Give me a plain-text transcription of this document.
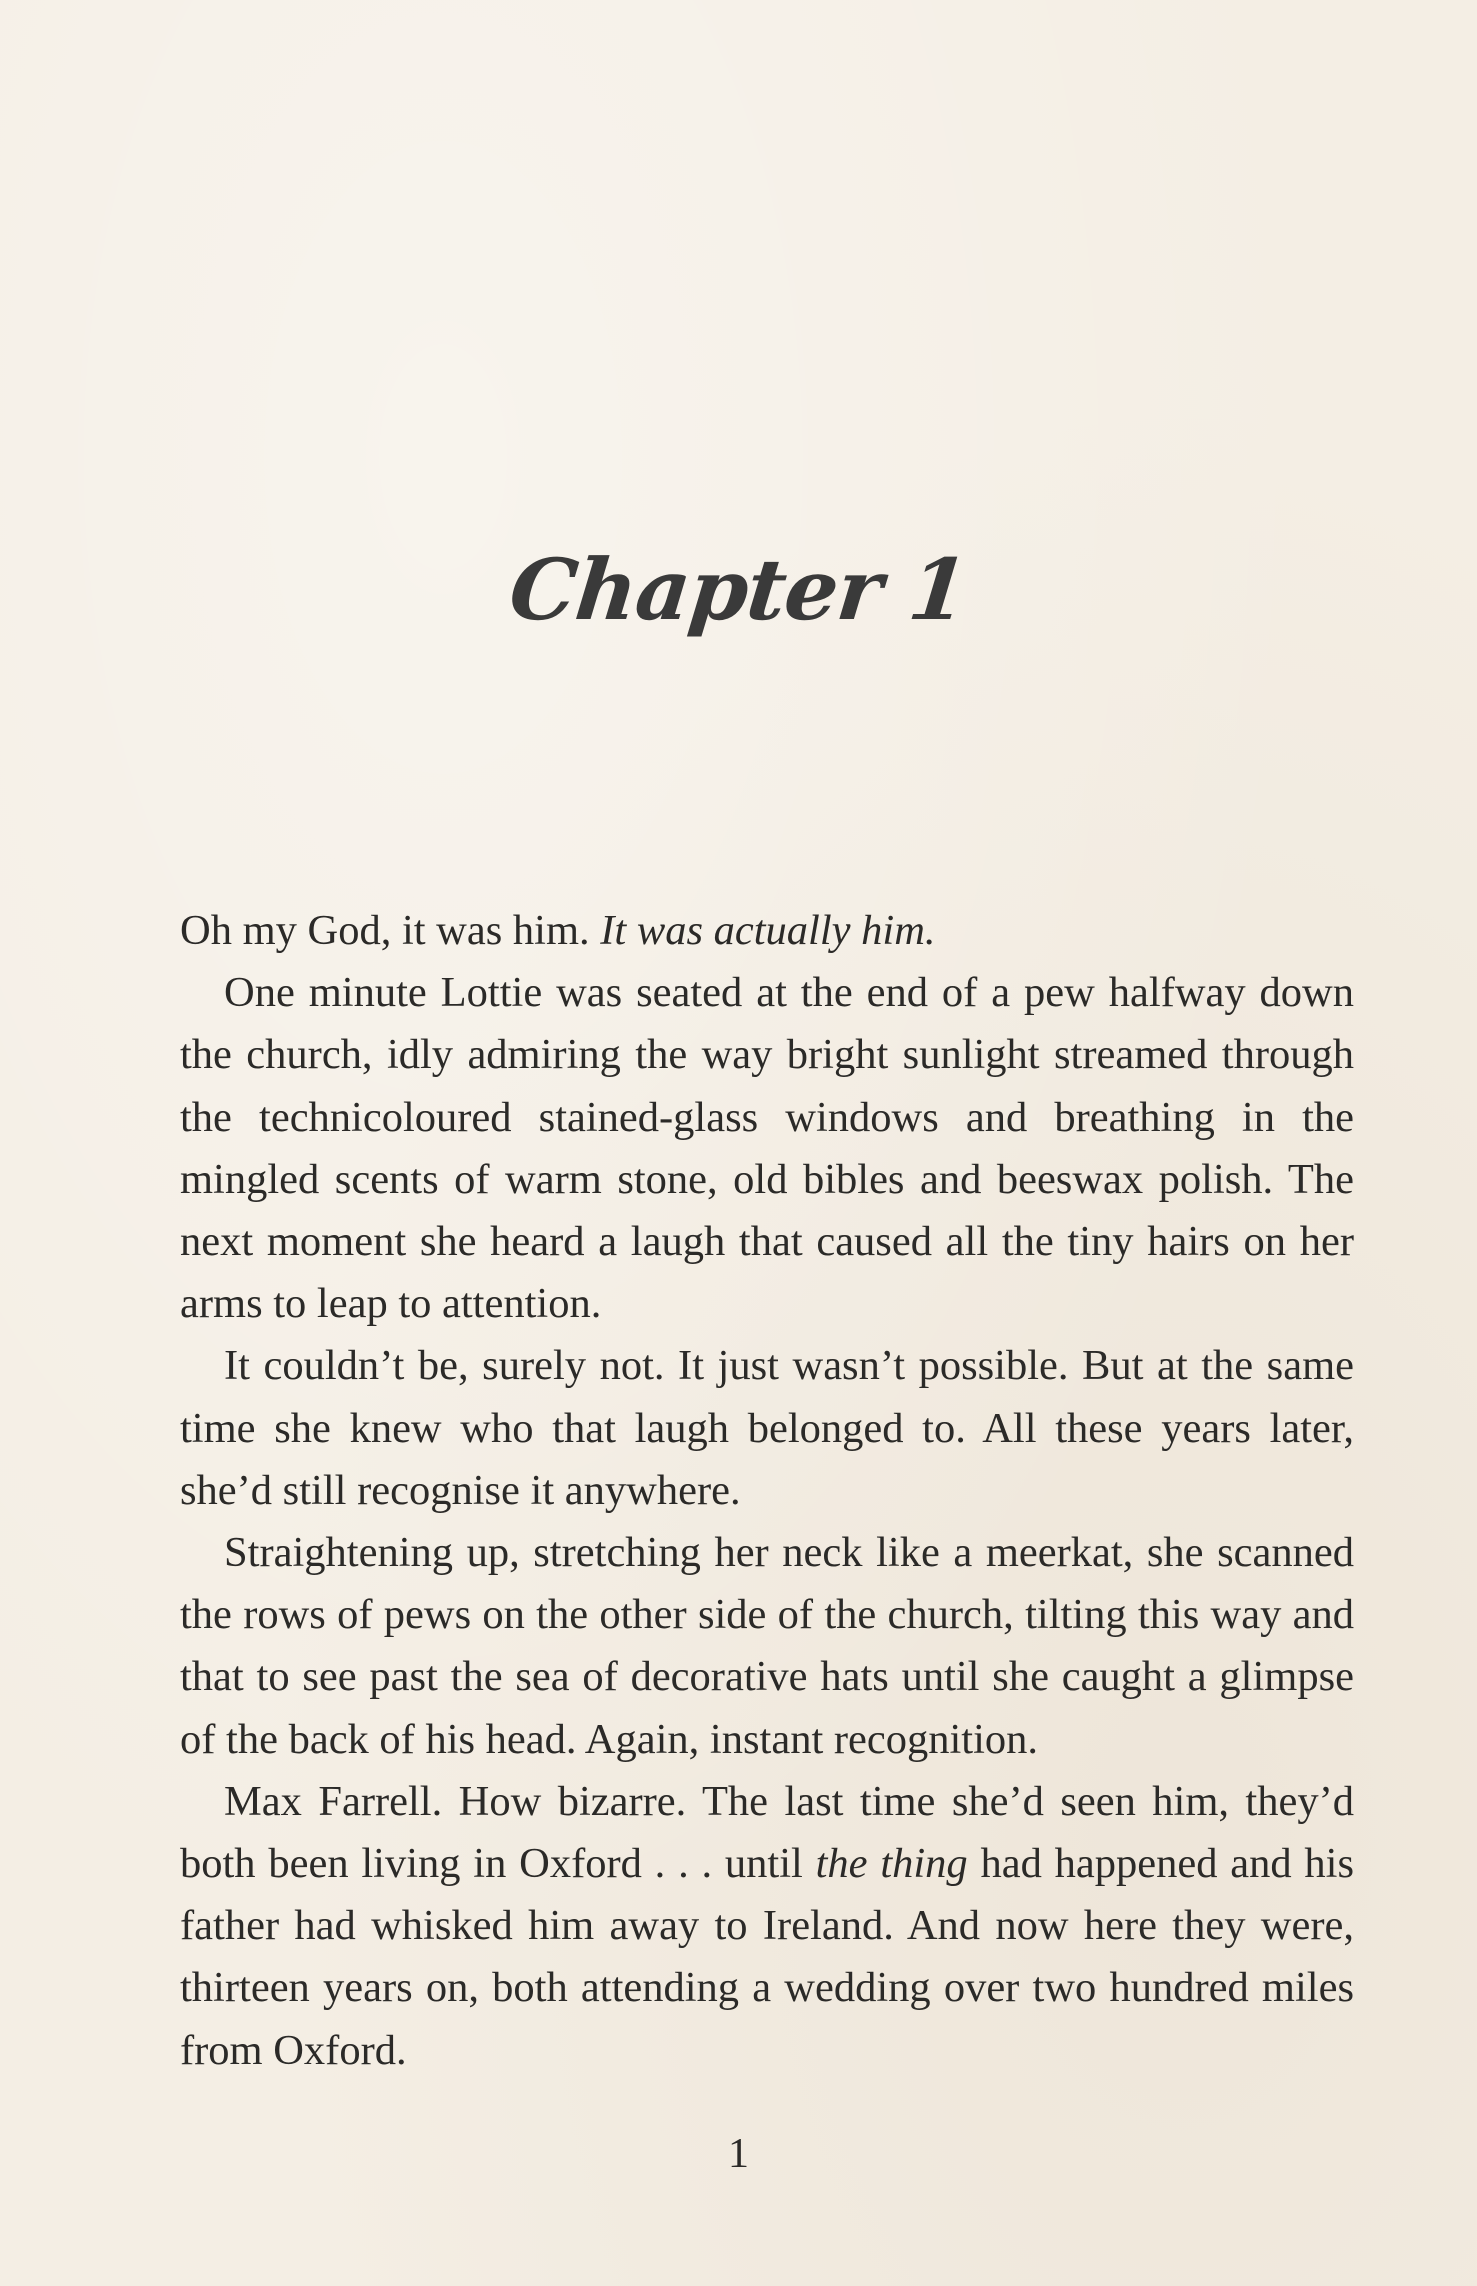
Chapter 1

Oh my God, it was him. It was actually him.

One minute Lottie was seated at the end of a pew halfway down the church, idly admiring the way bright sunlight streamed through the technicoloured stained-glass windows and breathing in the mingled scents of warm stone, old bibles and beeswax polish. The next moment she heard a laugh that caused all the tiny hairs on her arms to leap to attention.

It couldn’t be, surely not. It just wasn’t possible. But at the same time she knew who that laugh belonged to. All these years later, she’d still recognise it anywhere.

Straightening up, stretching her neck like a meerkat, she scanned the rows of pews on the other side of the church, tilting this way and that to see past the sea of decorative hats until she caught a glimpse of the back of his head. Again, instant recognition.

Max Farrell. How bizarre. The last time she’d seen him, they’d both been living in Oxford . . . until the thing had happened and his father had whisked him away to Ireland. And now here they were, thirteen years on, both attending a wedding over two hundred miles from Oxford.

1
